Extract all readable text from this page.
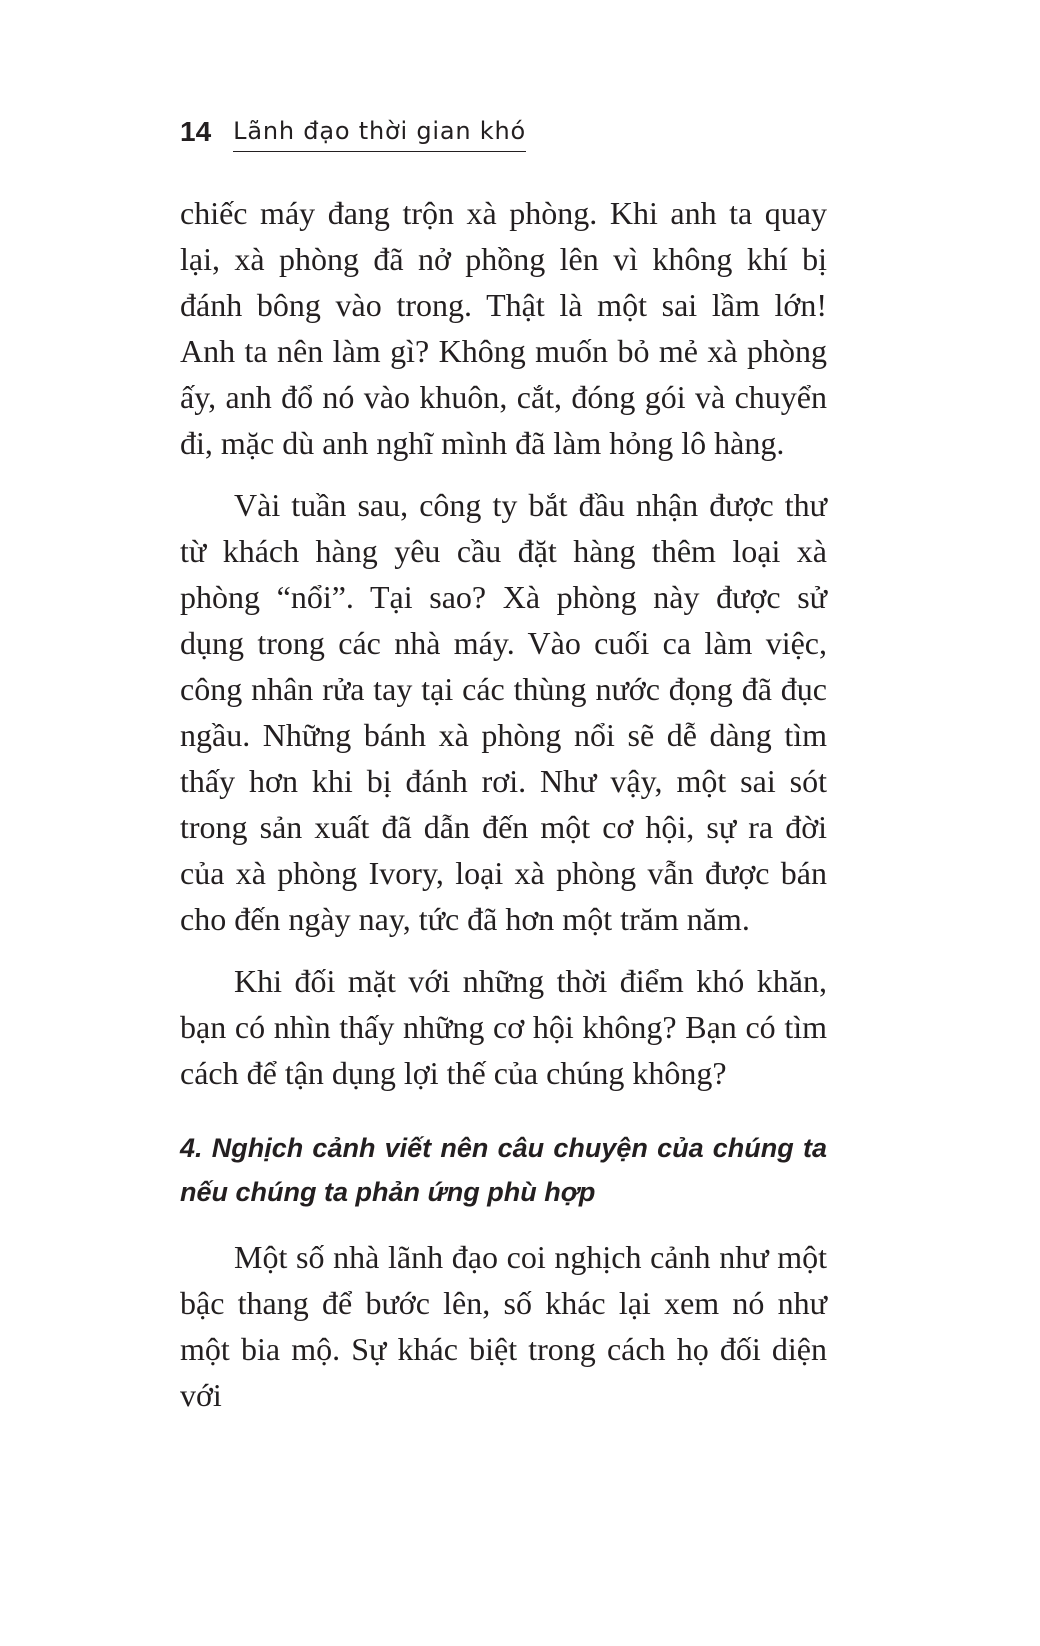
14 Lãnh đạo thời gian khó

chiếc máy đang trộn xà phòng. Khi anh ta quay lại, xà phòng đã nở phồng lên vì không khí bị đánh bông vào trong. Thật là một sai lầm lớn! Anh ta nên làm gì? Không muốn bỏ mẻ xà phòng ấy, anh đổ nó vào khuôn, cắt, đóng gói và chuyển đi, mặc dù anh nghĩ mình đã làm hỏng lô hàng.

Vài tuần sau, công ty bắt đầu nhận được thư từ khách hàng yêu cầu đặt hàng thêm loại xà phòng “nổi”. Tại sao? Xà phòng này được sử dụng trong các nhà máy. Vào cuối ca làm việc, công nhân rửa tay tại các thùng nước đọng đã đục ngầu. Những bánh xà phòng nổi sẽ dễ dàng tìm thấy hơn khi bị đánh rơi. Như vậy, một sai sót trong sản xuất đã dẫn đến một cơ hội, sự ra đời của xà phòng Ivory, loại xà phòng vẫn được bán cho đến ngày nay, tức đã hơn một trăm năm.

Khi đối mặt với những thời điểm khó khăn, bạn có nhìn thấy những cơ hội không? Bạn có tìm cách để tận dụng lợi thế của chúng không?

4. Nghịch cảnh viết nên câu chuyện của chúng ta nếu chúng ta phản ứng phù hợp

Một số nhà lãnh đạo coi nghịch cảnh như một bậc thang để bước lên, số khác lại xem nó như một bia mộ. Sự khác biệt trong cách họ đối diện với
